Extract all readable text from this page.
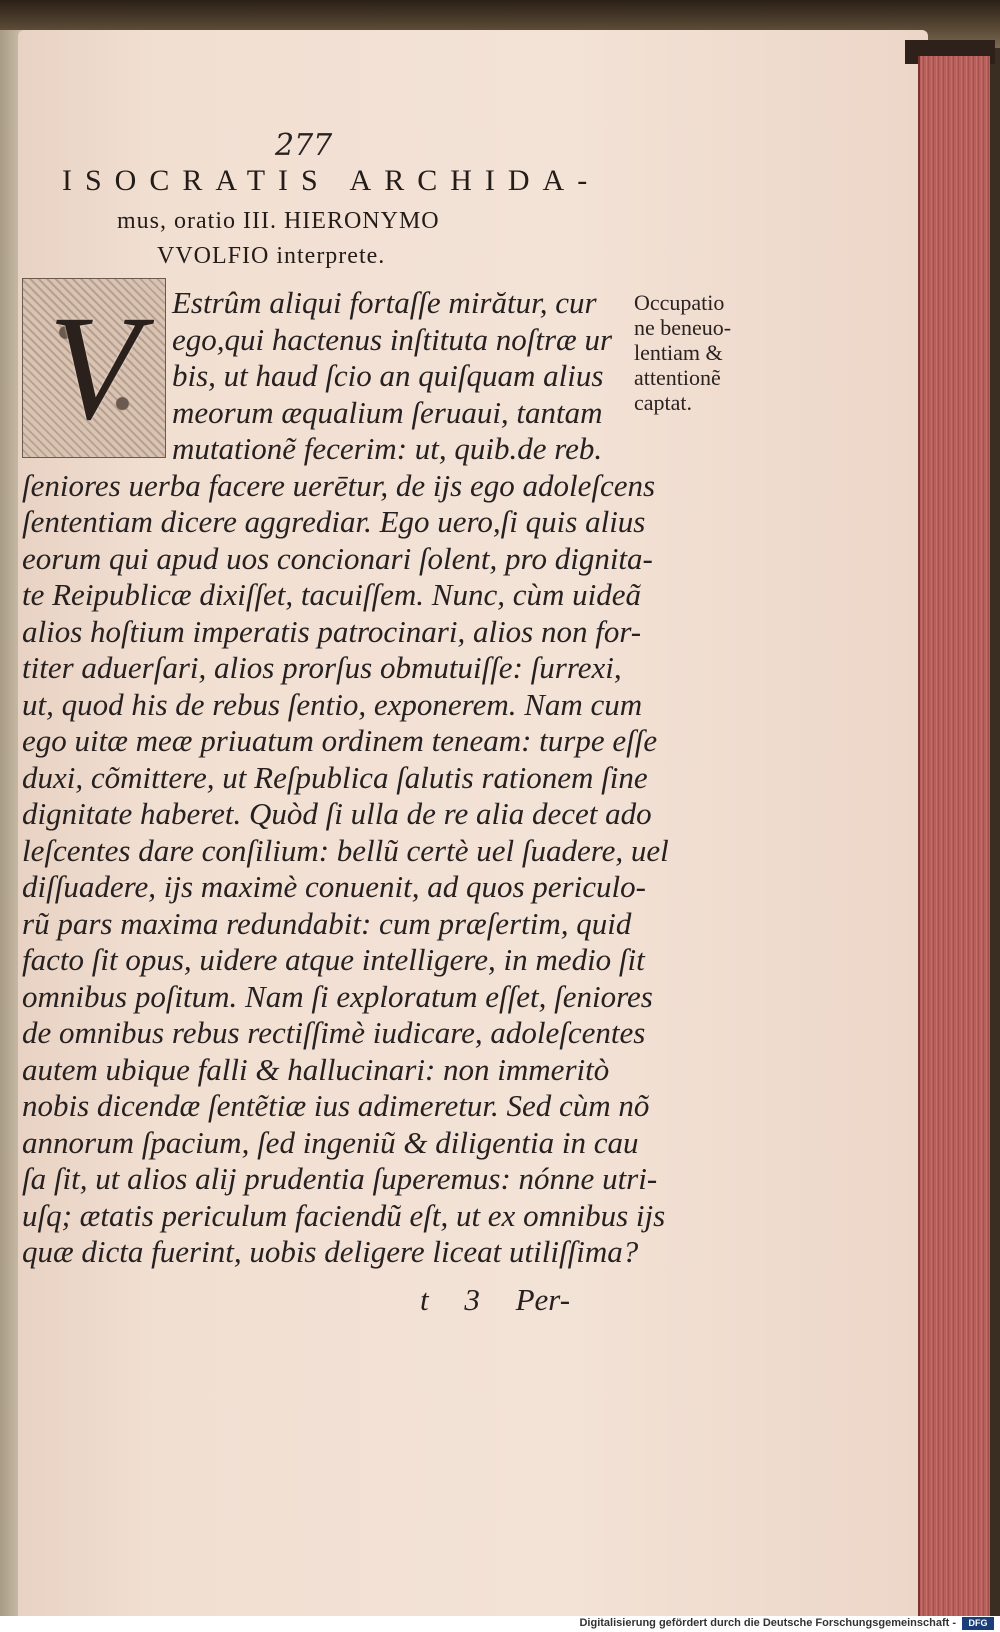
277
ISOCRATIS ARCHIDA-
mus, oratio III. HIERONYMO
VVOLFIO interprete.
V Estrûm aliqui fortaſſe mirătur, cur
ego,qui hactenus inſtituta noſtræ ur
bis, ut haud ſcio an quiſquam alius
meorum æqualium ſeruaui, tantam
mutationẽ fecerim: ut, quib.de reb.
ſeniores uerba facere uerētur, de ijs ego adoleſcens
ſententiam dicere aggrediar. Ego uero,ſi quis alius
eorum qui apud uos concionari ſolent, pro dignita-
te Reipublicæ dixiſſet, tacuiſſem. Nunc, cùm uideã
alios hoſtium imperatis patrocinari, alios non for-
titer aduerſari, alios prorſus obmutuiſſe: ſurrexi,
ut, quod his de rebus ſentio, exponerem. Nam cum
ego uitæ meæ priuatum ordinem teneam: turpe eſſe
duxi, cõmittere, ut Reſpublica ſalutis rationem ſine
dignitate haberet. Quòd ſi ulla de re alia decet ado
leſcentes dare conſilium: bellũ certè uel ſuadere, uel
diſſuadere, ijs maximè conuenit, ad quos periculo-
rũ pars maxima redundabit: cum præſertim, quid
facto ſit opus, uidere atque intelligere, in medio ſit
omnibus poſitum. Nam ſi exploratum eſſet, ſeniores
de omnibus rebus rectiſſimè iudicare, adoleſcentes
autem ubique falli & hallucinari: non immeritò
nobis dicendæ ſentẽtiæ ius adimeretur. Sed cùm nõ
annorum ſpacium, ſed ingeniũ & diligentia in cau
ſa ſit, ut alios alij prudentia ſuperemus: nónne utri-
uſq; ætatis periculum faciendũ eſt, ut ex omnibus ijs
quæ dicta fuerint, uobis deligere liceat utiliſſima?
Occupatio
ne beneuo-
lentiam &
attentionẽ
captat.
t 3 Per-
Digitalisierung gefördert durch die Deutsche Forschungsgemeinschaft -	DFG
